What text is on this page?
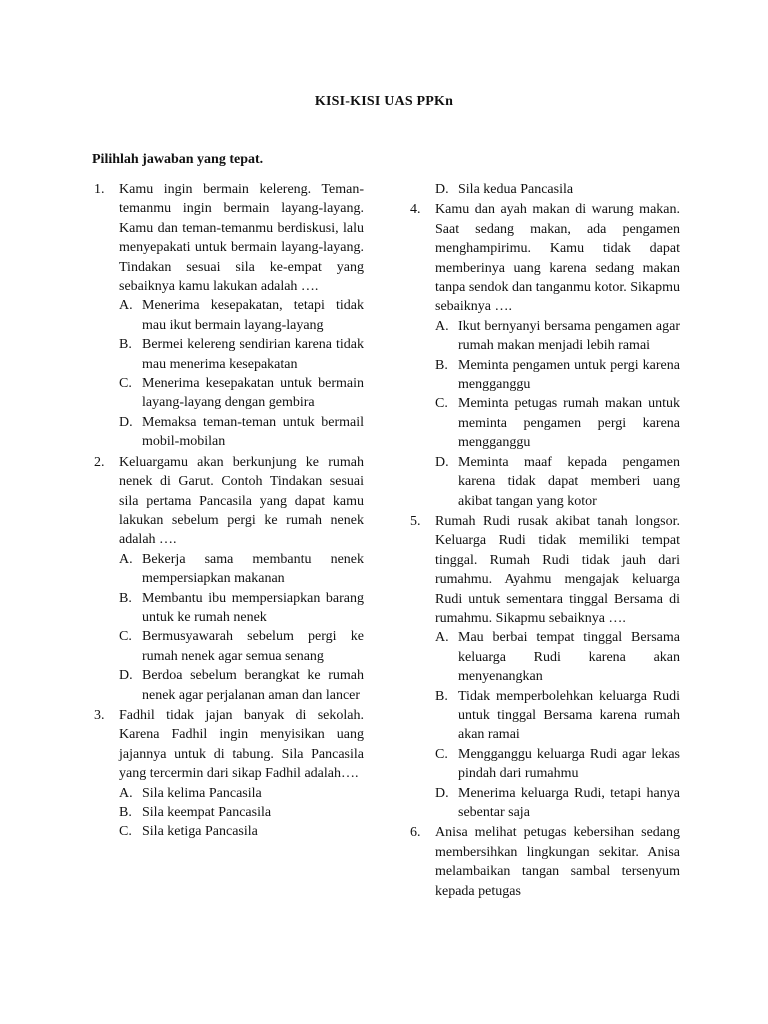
KISI-KISI UAS PPKn
Pilihlah jawaban yang tepat.
1. Kamu ingin bermain kelereng. Teman-temanmu ingin bermain layang-layang. Kamu dan teman-temanmu berdiskusi, lalu menyepakati untuk bermain layang-layang. Tindakan sesuai sila ke-empat yang sebaiknya kamu lakukan adalah ….
A. Menerima kesepakatan, tetapi tidak mau ikut bermain layang-layang
B. Bermei kelereng sendirian karena tidak mau menerima kesepakatan
C. Menerima kesepakatan untuk bermain layang-layang dengan gembira
D. Memaksa teman-teman untuk bermail mobil-mobilan
2. Keluargamu akan berkunjung ke rumah nenek di Garut. Contoh Tindakan sesuai sila pertama Pancasila yang dapat kamu lakukan sebelum pergi ke rumah nenek adalah ….
A. Bekerja sama membantu nenek mempersiapkan makanan
B. Membantu ibu mempersiapkan barang untuk ke rumah nenek
C. Bermusyawarah sebelum pergi ke rumah nenek agar semua senang
D. Berdoa sebelum berangkat ke rumah nenek agar perjalanan aman dan lancer
3. Fadhil tidak jajan banyak di sekolah. Karena Fadhil ingin menyisikan uang jajannya untuk di tabung. Sila Pancasila yang tercermin dari sikap Fadhil adalah….
A. Sila kelima Pancasila
B. Sila keempat Pancasila
C. Sila ketiga Pancasila
D. Sila kedua Pancasila
4. Kamu dan ayah makan di warung makan. Saat sedang makan, ada pengamen menghampirimu. Kamu tidak dapat memberinya uang karena sedang makan tanpa sendok dan tanganmu kotor. Sikapmu sebaiknya ….
A. Ikut bernyanyi bersama pengamen agar rumah makan menjadi lebih ramai
B. Meminta pengamen untuk pergi karena mengganggu
C. Meminta petugas rumah makan untuk meminta pengamen pergi karena mengganggu
D. Meminta maaf kepada pengamen karena tidak dapat memberi uang akibat tangan yang kotor
5. Rumah Rudi rusak akibat tanah longsor. Keluarga Rudi tidak memiliki tempat tinggal. Rumah Rudi tidak jauh dari rumahmu. Ayahmu mengajak keluarga Rudi untuk sementara tinggal Bersama di rumahmu. Sikapmu sebaiknya ….
A. Mau berbai tempat tinggal Bersama keluarga Rudi karena akan menyenangkan
B. Tidak memperbolehkan keluarga Rudi untuk tinggal Bersama karena rumah akan ramai
C. Mengganggu keluarga Rudi agar lekas pindah dari rumahmu
D. Menerima keluarga Rudi, tetapi hanya sebentar saja
6. Anisa melihat petugas kebersihan sedang membersihkan lingkungan sekitar. Anisa melambaikan tangan sambal tersenyum kepada petugas
